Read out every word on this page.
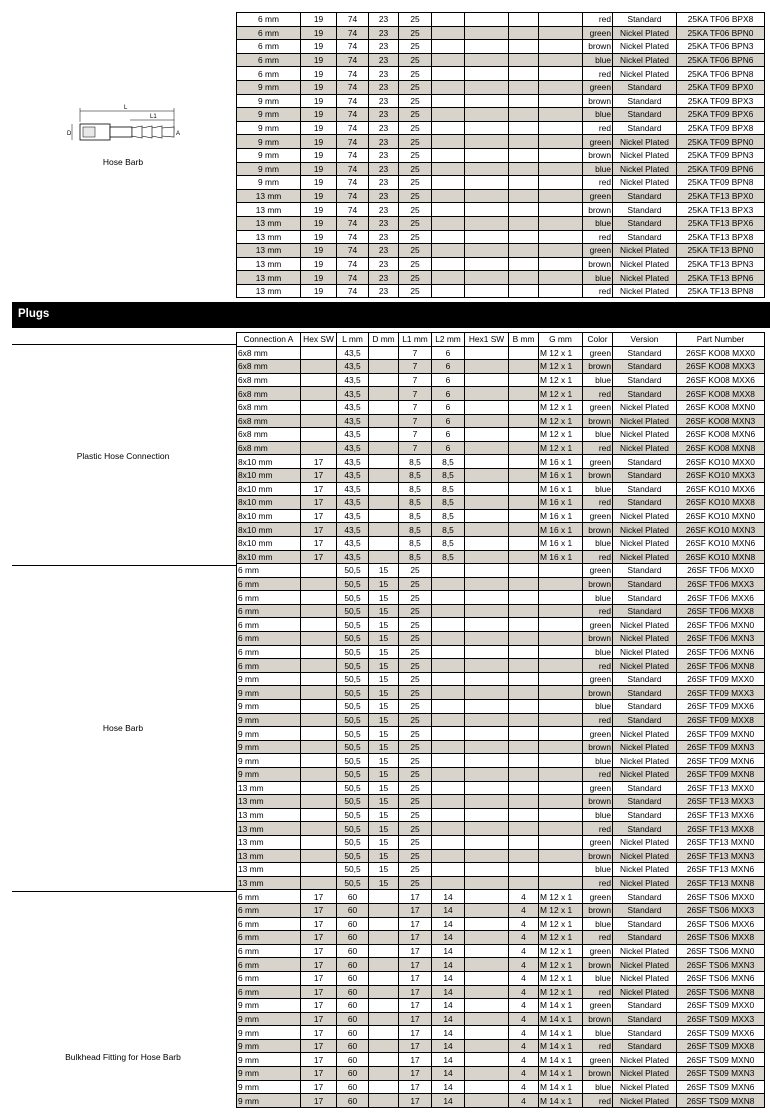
6 mm	19	74	23	25					red	Standard	25KA TF06 BPX8
6 mm	19	74	23	25					green	Nickel Plated	25KA TF06 BPN0
6 mm	19	74	23	25					brown	Nickel Plated	25KA TF06 BPN3
6 mm	19	74	23	25					blue	Nickel Plated	25KA TF06 BPN6
6 mm	19	74	23	25					red	Nickel Plated	25KA TF06 BPN8
9 mm	19	74	23	25					green	Standard	25KA TF09 BPX0
9 mm	19	74	23	25					brown	Standard	25KA TF09 BPX3
9 mm	19	74	23	25					blue	Standard	25KA TF09 BPX6
9 mm	19	74	23	25					red	Standard	25KA TF09 BPX8
9 mm	19	74	23	25					green	Nickel Plated	25KA TF09 BPN0
9 mm	19	74	23	25					brown	Nickel Plated	25KA TF09 BPN3
9 mm	19	74	23	25					blue	Nickel Plated	25KA TF09 BPN6
9 mm	19	74	23	25					red	Nickel Plated	25KA TF09 BPN8
13 mm	19	74	23	25					green	Standard	25KA TF13 BPX0
13 mm	19	74	23	25					brown	Standard	25KA TF13 BPX3
13 mm	19	74	23	25					blue	Standard	25KA TF13 BPX6
13 mm	19	74	23	25					red	Standard	25KA TF13 BPX8
13 mm	19	74	23	25					green	Nickel Plated	25KA TF13 BPN0
13 mm	19	74	23	25					brown	Nickel Plated	25KA TF13 BPN3
13 mm	19	74	23	25					blue	Nickel Plated	25KA TF13 BPN6
13 mm	19	74	23	25					red	Nickel Plated	25KA TF13 BPN8
L
L1
D	A
Hose Barb
Plugs
Connection A	Hex SW	L mm	D mm	L1 mm	L2 mm	Hex1 SW	B mm	G mm	Color	Version	Part Number
6x8 mm		43,5		7	6			M 12 x 1	green	Standard	26SF KO08 MXX0
6x8 mm		43,5		7	6			M 12 x 1	brown	Standard	26SF KO08 MXX3
6x8 mm		43,5		7	6			M 12 x 1	blue	Standard	26SF KO08 MXX6
6x8 mm		43,5		7	6			M 12 x 1	red	Standard	26SF KO08 MXX8
6x8 mm		43,5		7	6			M 12 x 1	green	Nickel Plated	26SF KO08 MXN0
6x8 mm		43,5		7	6			M 12 x 1	brown	Nickel Plated	26SF KO08 MXN3
6x8 mm		43,5		7	6			M 12 x 1	blue	Nickel Plated	26SF KO08 MXN6
6x8 mm		43,5		7	6			M 12 x 1	red	Nickel Plated	26SF KO08 MXN8
8x10 mm	17	43,5		8,5	8,5			M 16 x 1	green	Standard	26SF KO10 MXX0
8x10 mm	17	43,5		8,5	8,5			M 16 x 1	brown	Standard	26SF KO10 MXX3
8x10 mm	17	43,5		8,5	8,5			M 16 x 1	blue	Standard	26SF KO10 MXX6
8x10 mm	17	43,5		8,5	8,5			M 16 x 1	red	Standard	26SF KO10 MXX8
8x10 mm	17	43,5		8,5	8,5			M 16 x 1	green	Nickel Plated	26SF KO10 MXN0
8x10 mm	17	43,5		8,5	8,5			M 16 x 1	brown	Nickel Plated	26SF KO10 MXN3
8x10 mm	17	43,5		8,5	8,5			M 16 x 1	blue	Nickel Plated	26SF KO10 MXN6
8x10 mm	17	43,5		8,5	8,5			M 16 x 1	red	Nickel Plated	26SF KO10 MXN8
6 mm		50,5	15	25					green	Standard	26SF TF06 MXX0
6 mm		50,5	15	25					brown	Standard	26SF TF06 MXX3
6 mm		50,5	15	25					blue	Standard	26SF TF06 MXX6
6 mm		50,5	15	25					red	Standard	26SF TF06 MXX8
6 mm		50,5	15	25					green	Nickel Plated	26SF TF06 MXN0
6 mm		50,5	15	25					brown	Nickel Plated	26SF TF06 MXN3
6 mm		50,5	15	25					blue	Nickel Plated	26SF TF06 MXN6
6 mm		50,5	15	25					red	Nickel Plated	26SF TF06 MXN8
9 mm		50,5	15	25					green	Standard	26SF TF09 MXX0
9 mm		50,5	15	25					brown	Standard	26SF TF09 MXX3
9 mm		50,5	15	25					blue	Standard	26SF TF09 MXX6
9 mm		50,5	15	25					red	Standard	26SF TF09 MXX8
9 mm		50,5	15	25					green	Nickel Plated	26SF TF09 MXN0
9 mm		50,5	15	25					brown	Nickel Plated	26SF TF09 MXN3
9 mm		50,5	15	25					blue	Nickel Plated	26SF TF09 MXN6
9 mm		50,5	15	25					red	Nickel Plated	26SF TF09 MXN8
13 mm		50,5	15	25					green	Standard	26SF TF13 MXX0
13 mm		50,5	15	25					brown	Standard	26SF TF13 MXX3
13 mm		50,5	15	25					blue	Standard	26SF TF13 MXX6
13 mm		50,5	15	25					red	Standard	26SF TF13 MXX8
13 mm		50,5	15	25					green	Nickel Plated	26SF TF13 MXN0
13 mm		50,5	15	25					brown	Nickel Plated	26SF TF13 MXN3
13 mm		50,5	15	25					blue	Nickel Plated	26SF TF13 MXN6
13 mm		50,5	15	25					red	Nickel Plated	26SF TF13 MXN8
6 mm	17	60		17	14		4	M 12 x 1	green	Standard	26SF TS06 MXX0
6 mm	17	60		17	14		4	M 12 x 1	brown	Standard	26SF TS06 MXX3
6 mm	17	60		17	14		4	M 12 x 1	blue	Standard	26SF TS06 MXX6
6 mm	17	60		17	14		4	M 12 x 1	red	Standard	26SF TS06 MXX8
6 mm	17	60		17	14		4	M 12 x 1	green	Nickel Plated	26SF TS06 MXN0
6 mm	17	60		17	14		4	M 12 x 1	brown	Nickel Plated	26SF TS06 MXN3
6 mm	17	60		17	14		4	M 12 x 1	blue	Nickel Plated	26SF TS06 MXN6
6 mm	17	60		17	14		4	M 12 x 1	red	Nickel Plated	26SF TS06 MXN8
9 mm	17	60		17	14		4	M 14 x 1	green	Standard	26SF TS09 MXX0
9 mm	17	60		17	14		4	M 14 x 1	brown	Standard	26SF TS09 MXX3
9 mm	17	60		17	14		4	M 14 x 1	blue	Standard	26SF TS09 MXX6
9 mm	17	60		17	14		4	M 14 x 1	red	Standard	26SF TS09 MXX8
9 mm	17	60		17	14		4	M 14 x 1	green	Nickel Plated	26SF TS09 MXN0
9 mm	17	60		17	14		4	M 14 x 1	brown	Nickel Plated	26SF TS09 MXN3
9 mm	17	60		17	14		4	M 14 x 1	blue	Nickel Plated	26SF TS09 MXN6
9 mm	17	60		17	14		4	M 14 x 1	red	Nickel Plated	26SF TS09 MXN8
Plastic Hose Connection
Hose Barb
Bulkhead Fitting for Hose Barb
